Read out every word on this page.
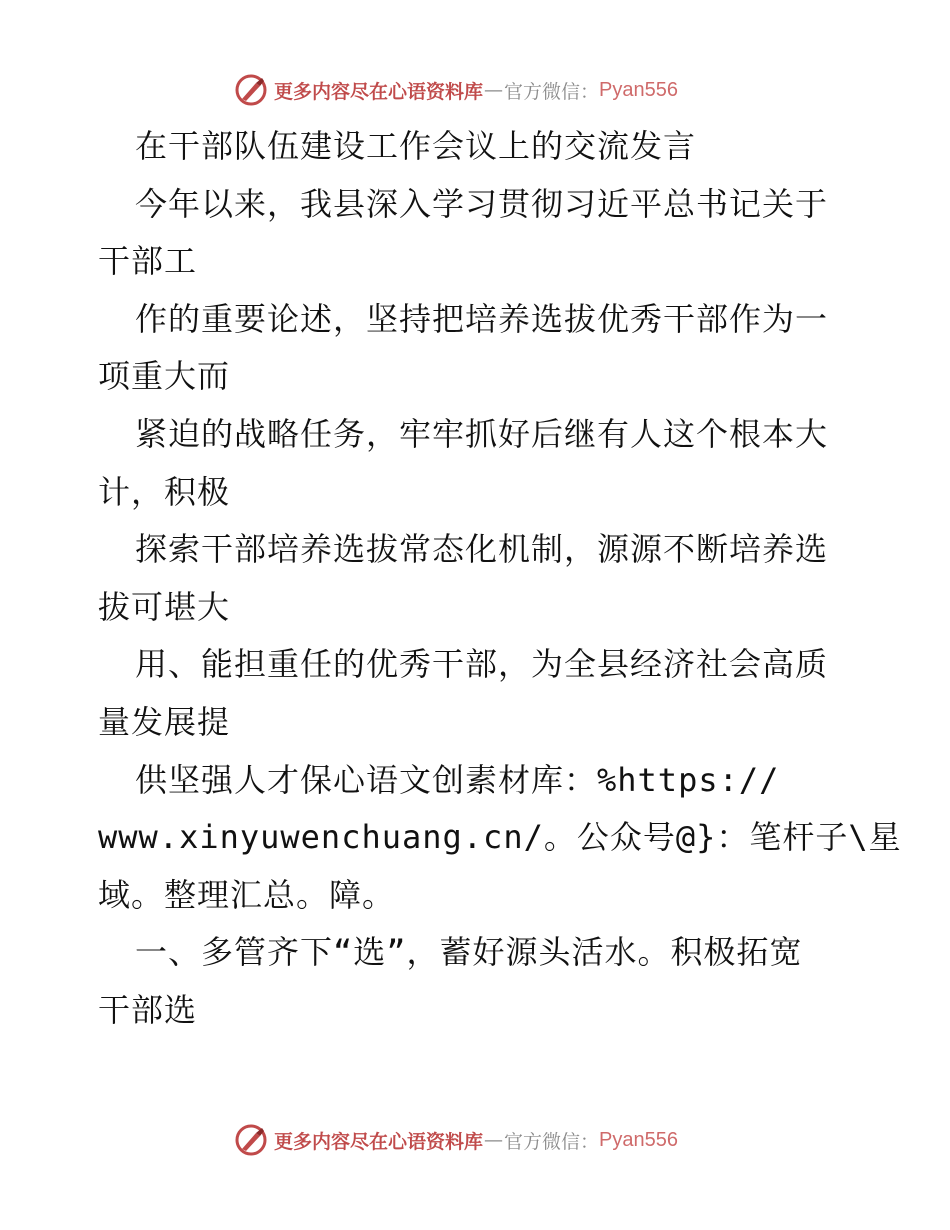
更多内容尽在心语资料库 — 官方微信： Pyan556
在干部队伍建设工作会议上的交流发言
今年以来，我县深入学习贯彻习近平总书记关于
干部工
作的重要论述，坚持把培养选拔优秀干部作为一
项重大而
紧迫的战略任务，牢牢抓好后继有人这个根本大
计，积极
探索干部培养选拔常态化机制，源源不断培养选
拔可堪大
用、能担重任的优秀干部，为全县经济社会高质
量发展提
供坚强人才保心语文创素材库：%https://
www.xinyuwenchuang.cn/。公众号@}：笔杆子\星
域。整理汇总。障。
一、多管齐下“选”，蓄好源头活水。积极拓宽
干部选
更多内容尽在心语资料库 — 官方微信： Pyan556
